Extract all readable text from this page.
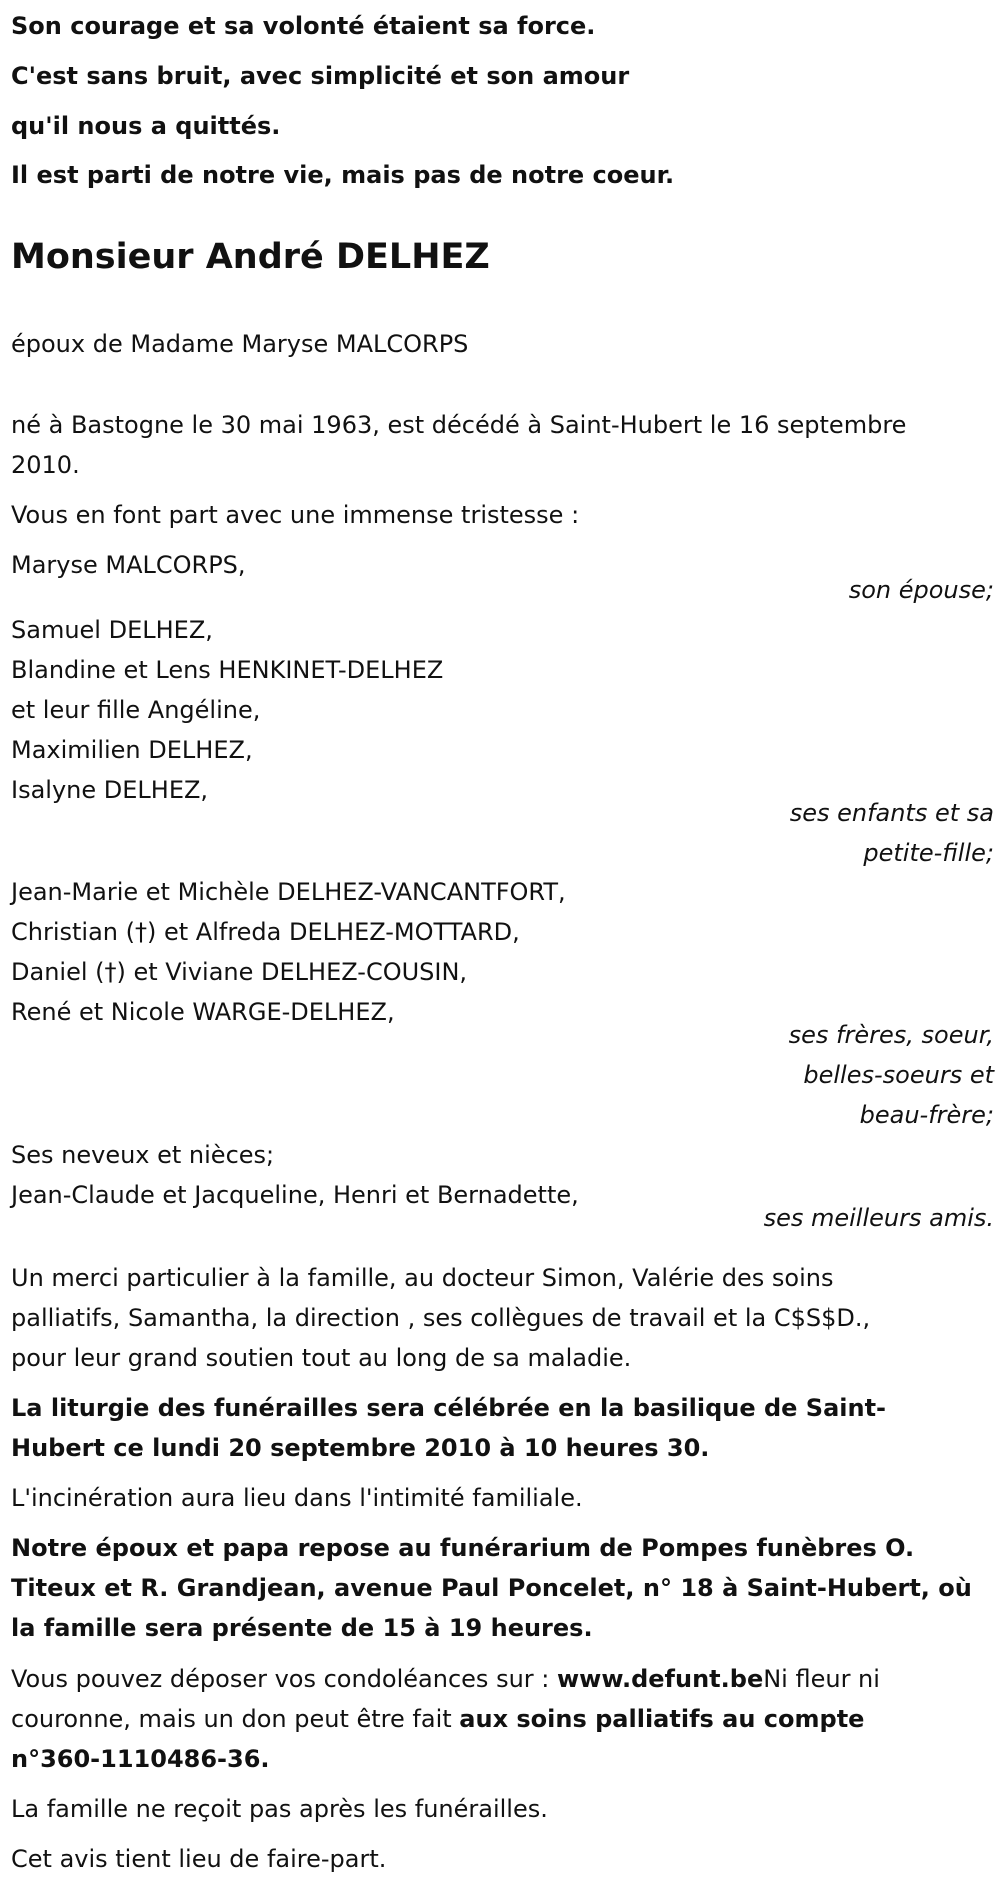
Son courage et sa volonté étaient sa force.
C'est sans bruit, avec simplicité et son amour
qu'il nous a quittés.
Il est parti de notre vie, mais pas de notre coeur.
Monsieur André DELHEZ
époux de Madame Maryse MALCORPS
né à Bastogne le 30 mai 1963, est décédé à Saint-Hubert le 16 septembre
2010.
Vous en font part avec une immense tristesse :
Maryse MALCORPS,
son épouse;
Samuel DELHEZ,
Blandine et Lens HENKINET-DELHEZ
et leur fille Angéline,
Maximilien DELHEZ,
Isalyne DELHEZ,
ses enfants et sa
petite-fille;
Jean-Marie et Michèle DELHEZ-VANCANTFORT,
Christian (†) et Alfreda DELHEZ-MOTTARD,
Daniel (†) et Viviane DELHEZ-COUSIN,
René et Nicole WARGE-DELHEZ,
ses frères, soeur,
belles-soeurs et
beau-frère;
Ses neveux et nièces;
Jean-Claude et Jacqueline, Henri et Bernadette,
ses meilleurs amis.
Un merci particulier à la famille, au docteur Simon, Valérie des soins
palliatifs, Samantha, la direction , ses collègues de travail et la C$S$D.,
pour leur grand soutien tout au long de sa maladie.
La liturgie des funérailles sera célébrée en la basilique de Saint-
Hubert ce lundi 20 septembre 2010 à 10 heures 30.
L'incinération aura lieu dans l'intimité familiale.
Notre époux et papa repose au funérarium de Pompes funèbres O.
Titeux et R. Grandjean, avenue Paul Poncelet, n° 18 à Saint-Hubert, où
la famille sera présente de 15 à 19 heures.
Vous pouvez déposer vos condoléances sur : www.defunt.beNi fleur ni
couronne, mais un don peut être fait aux soins palliatifs au compte
n°360-1110486-36.
La famille ne reçoit pas après les funérailles.
Cet avis tient lieu de faire-part.
